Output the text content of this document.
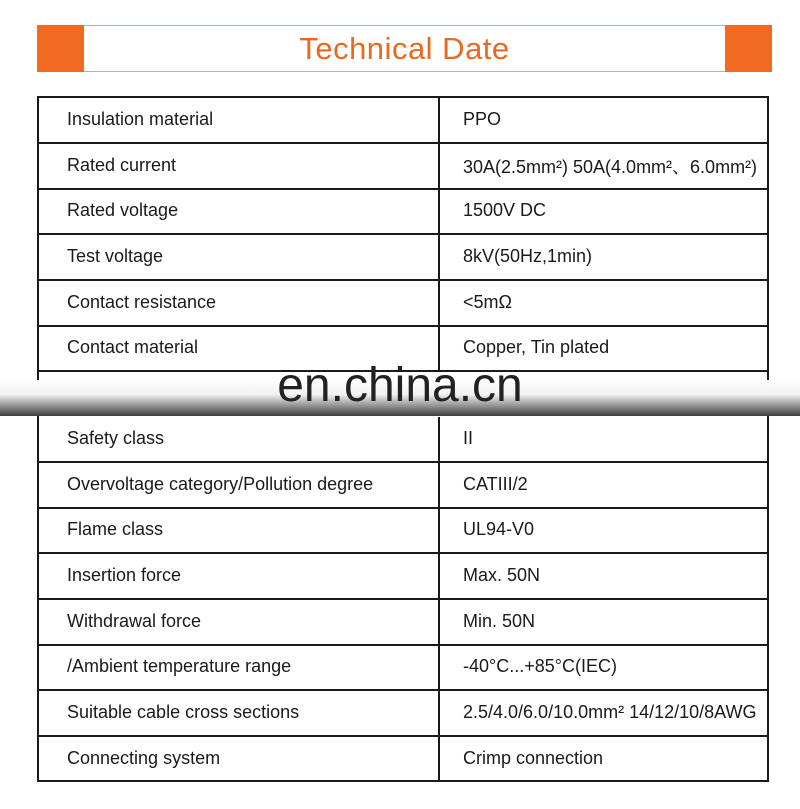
Technical Date
Insulation material	PPO
Rated current	30A(2.5mm²) 50A(4.0mm²、6.0mm²)
Rated voltage	1500V DC
Test voltage	8kV(50Hz,1min)
Contact resistance	<5mΩ
Contact material	Copper, Tin plated
Safety class	II
Overvoltage category/Pollution degree	CATIII/2
Flame class	UL94-V0
Insertion force	Max. 50N
Withdrawal force	Min. 50N
/Ambient temperature range	-40°C...+85°C(IEC)
Suitable cable cross sections	2.5/4.0/6.0/10.0mm² 14/12/10/8AWG
Connecting system	Crimp connection
en.china.cn
